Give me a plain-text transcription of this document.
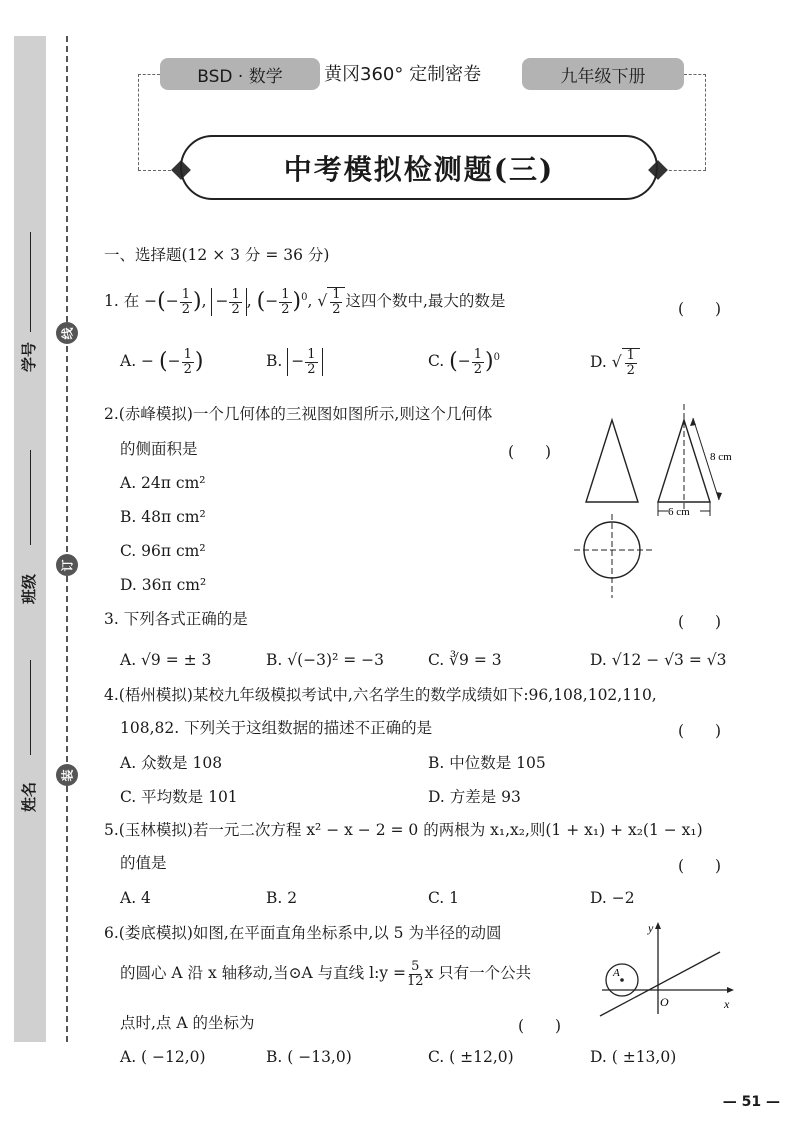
学号
班级
姓名
线
订
装
BSD · 数学	黄冈360° 定制密卷	九年级下册
中考模拟检测题(三)
一、选择题(12 × 3 分 = 36 分)
1. 在 −(− $\frac{1}{2}$ ), − $\frac{1}{2}$ , (− $\frac{1}{2} )^0$, √ $\frac{1}{2}$ 这四个数中,最大的数是	(　　)
A. − (− $\frac{1}{2}$ )	B. − $\frac{1}{2}$	C. (− $\frac{1}{2} )^0$	D. √ $\frac{1}{2}$
2.(赤峰模拟)一个几何体的三视图如图所示,则这个几何体
的侧面积是	(　　)
A. 24π cm²
B. 48π cm²
C. 96π cm²
D. 36π cm²
8 cm
6 cm
3. 下列各式正确的是	(　　)
A. √9 = ± 3	B. √(−3)² = −3	C. ∛9 = 3	D. √12 − √3 = √3
4.(梧州模拟)某校九年级模拟考试中,六名学生的数学成绩如下:96,108,102,110,
108,82. 下列关于这组数据的描述不正确的是	(　　)
A. 众数是 108	B. 中位数是 105
C. 平均数是 101	D. 方差是 93
5.(玉林模拟)若一元二次方程 x² − x − 2 = 0 的两根为 x₁,x₂,则(1 + x₁) + x₂(1 − x₁)
的值是	(　　)
A. 4	B. 2	C. 1	D. −2
6.(娄底模拟)如图,在平面直角坐标系中,以 5 为半径的动圆
的圆心 A 沿 x 轴移动,当⊙A 与直线 l:y = $\frac{5}{12}$ x 只有一个公共
点时,点 A 的坐标为	(　　)
A. ( −12,0)	B. ( −13,0)	C. ( ±12,0)	D. ( ±13,0)
A
y
x
O
— 51 —
